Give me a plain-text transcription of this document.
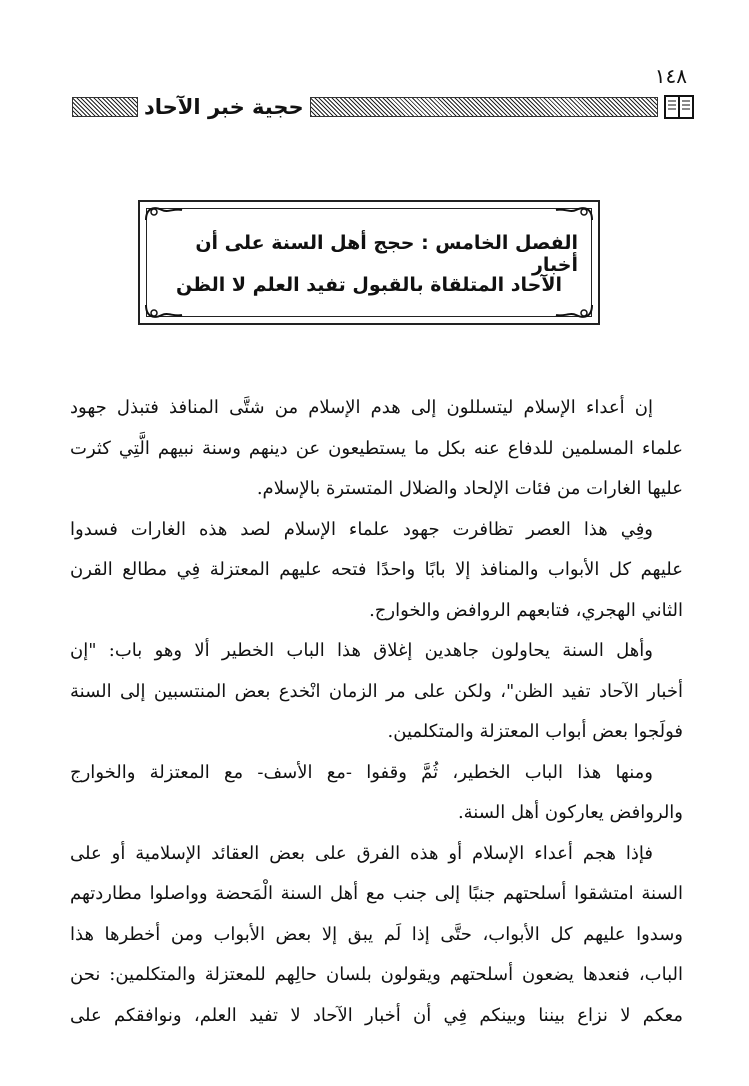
١٤٨
حجية خبر الآحاد
الفصل الخامس : حجج أهل السنة على أن أخبار
الآحاد المتلقاة بالقبول تفيد العلم لا الظن
إن أعداء الإسلام ليتسللون إلى هدم الإسلام من شتَّى المنافذ فتبذل جهود
علماء المسلمين للدفاع عنه بكل ما يستطيعون عن دينهم وسنة نبيهم الَّتِي كثرت
عليها الغارات من فئات الإلحاد والضلال المتسترة بالإسلام.
وفِي هذا العصر تظافرت جهود علماء الإسلام لصد هذه الغارات فسدوا
عليهم كل الأبواب والمنافذ إلا بابًا واحدًا فتحه عليهم المعتزلة فِي مطالع القرن
الثاني الهجري، فتابعهم الروافض والخوارج.
وأهل السنة يحاولون جاهدين إغلاق هذا الباب الخطير ألا وهو باب: "إن
أخبار الآحاد تفيد الظن"، ولكن على مر الزمان انْخدع بعض المنتسبين إلى السنة
فولَجوا بعض أبواب المعتزلة والمتكلمين.
ومنها هذا الباب الخطير، ثُمَّ وقفوا -مع الأسف- مع المعتزلة والخوارج
والروافض يعاركون أهل السنة.
فإذا هجم أعداء الإسلام أو هذه الفرق على بعض العقائد الإسلامية أو على
السنة امتشقوا أسلحتهم جنبًا إلى جنب مع أهل السنة الْمَحضة وواصلوا مطاردتهم
وسدوا عليهم كل الأبواب، حتَّى إذا لَم يبق إلا بعض الأبواب ومن أخطرها هذا
الباب، فنعدها يضعون أسلحتهم ويقولون بلسان حالِهم للمعتزلة والمتكلمين: نحن
معكم لا نزاع بيننا وبينكم فِي أن أخبار الآحاد لا تفيد العلم، ونوافقكم على
